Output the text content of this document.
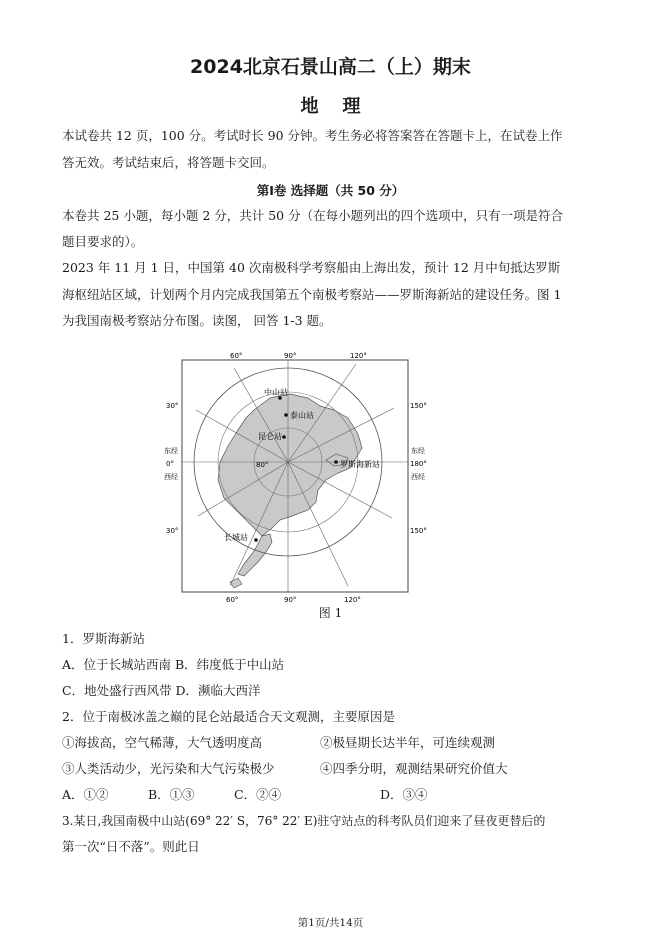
2024北京石景山高二（上）期末
地理
本试卷共 12 页，100 分。考试时长 90 分钟。考生务必将答案答在答题卡上，在试卷上作
答无效。考试结束后，将答题卡交回。
第Ⅰ卷 选择题（共 50 分）
本卷共 25 小题，每小题 2 分，共计 50 分（在每小题列出的四个选项中，只有一项是符合
题目要求的）。
2023 年 11 月 1 日，中国第 40 次南极科学考察船由上海出发，预计 12 月中旬抵达罗斯
海枢纽站区域，计划两个月内完成我国第五个南极考察站——罗斯海新站的建设任务。图 1
为我国南极考察站分布图。读图， 回答 1-3 题。
60°	90°	120°
60°	90°	120°
30°
30°
150°
150°
东经
0°
西经
东经
180°
西经
80°
中山站
泰山站
昆仑站
罗斯海新站
长城站
图 1
1．罗斯海新站
A．位于长城站西南 B．纬度低于中山站
C．地处盛行西风带 D．濒临大西洋
2．位于南极冰盖之巅的昆仑站最适合天文观测，主要原因是
①海拔高，空气稀薄，大气透明度高	②极昼期长达半年，可连续观测
③人类活动少，光污染和大气污染极少	④四季分明，观测结果研究价值大
A．①②	B．①③	C．②④	D．③④
3.某日,我国南极中山站(69° 22′ S，76° 22′ E)驻守站点的科考队员们迎来了昼夜更替后的
第一次“日不落”。则此日
第1页/共14页
